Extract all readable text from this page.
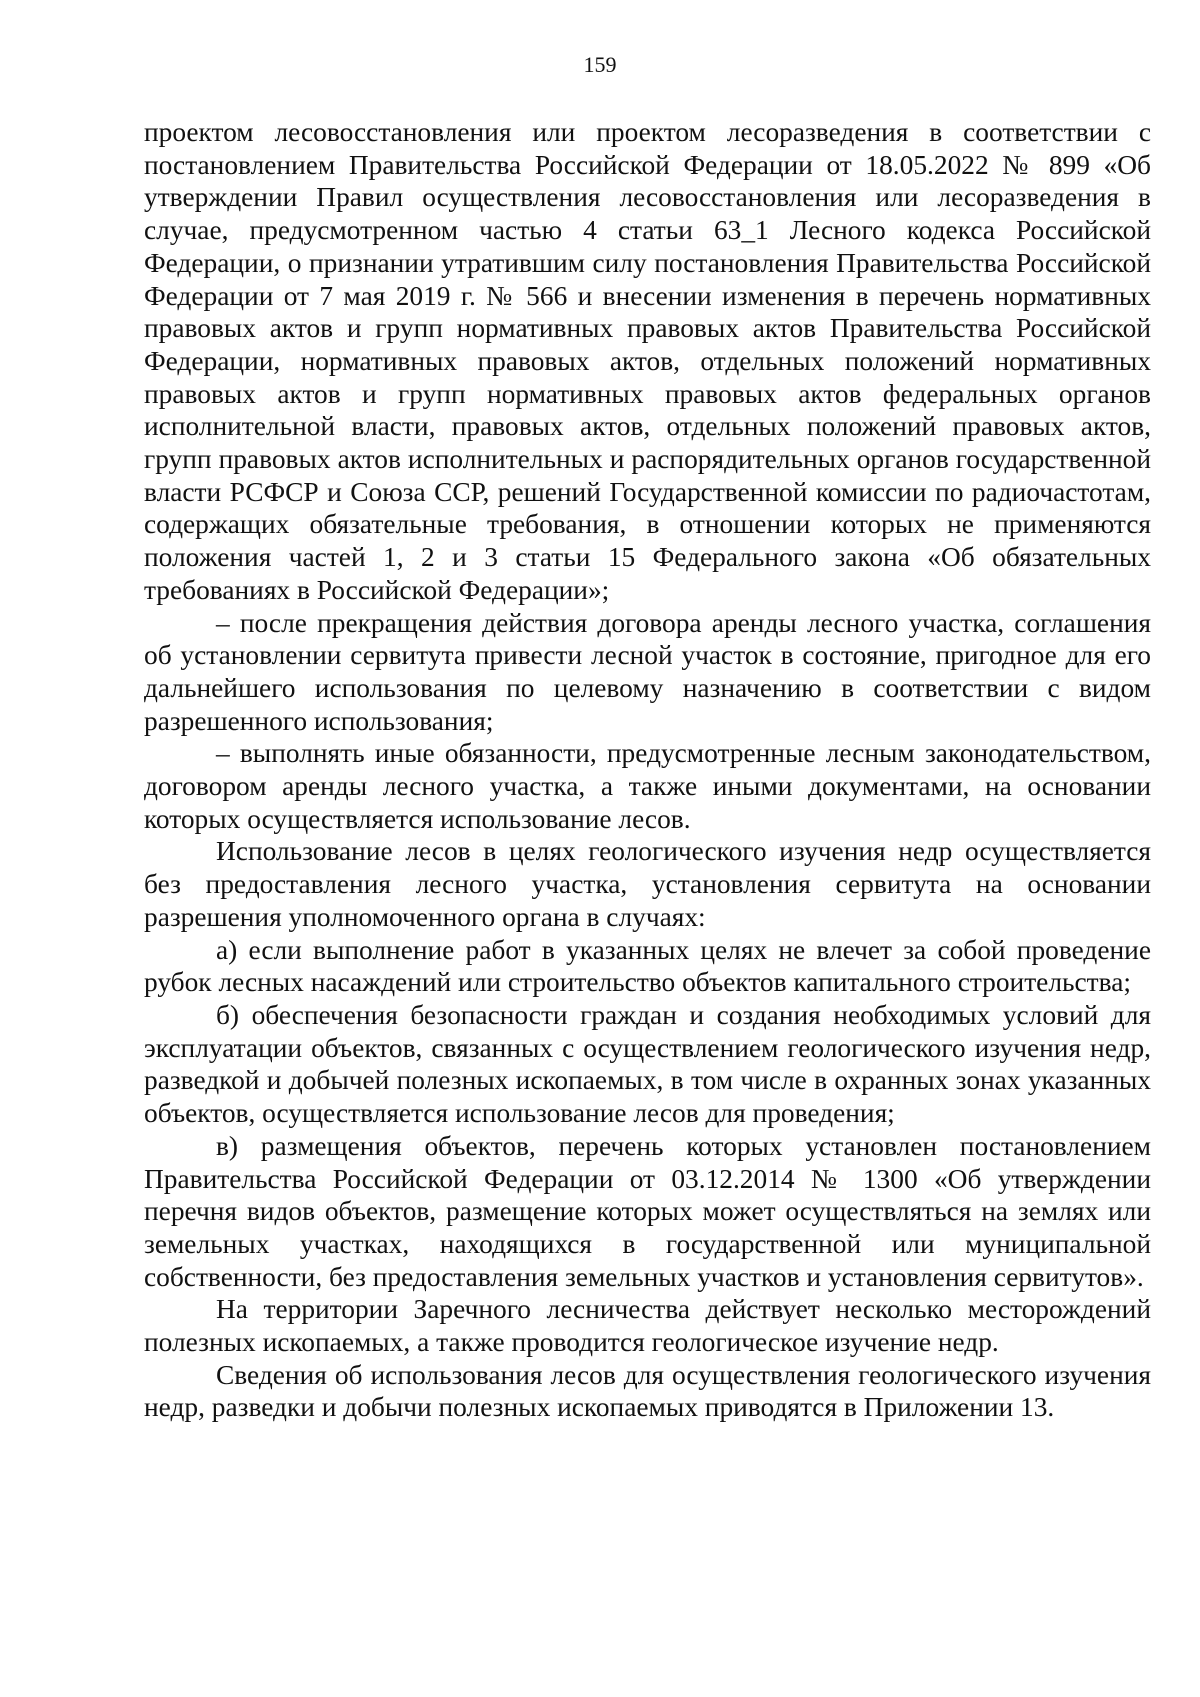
159

проектом лесовосстановления или проектом лесоразведения в соответствии с постановлением Правительства Российской Федерации от 18.05.2022 № 899 «Об утверждении Правил осуществления лесовосстановления или лесоразведения в случае, предусмотренном частью 4 статьи 63_1 Лесного кодекса Российской Федерации, о признании утратившим силу постановления Правительства Российской Федерации от 7 мая 2019 г. № 566 и внесении изменения в перечень нормативных правовых актов и групп нормативных правовых актов Правительства Российской Федерации, нормативных правовых актов, отдельных положений нормативных правовых актов и групп нормативных правовых актов федеральных органов исполнительной власти, правовых актов, отдельных положений правовых актов, групп правовых актов исполнительных и распорядительных органов государственной власти РСФСР и Союза ССР, решений Государственной комиссии по радиочастотам, содержащих обязательные требования, в отношении которых не применяются положения частей 1, 2 и 3 статьи 15 Федерального закона «Об обязательных требованиях в Российской Федерации»;

– после прекращения действия договора аренды лесного участка, соглашения об установлении сервитута привести лесной участок в состояние, пригодное для его дальнейшего использования по целевому назначению в соответствии с видом разрешенного использования;

– выполнять иные обязанности, предусмотренные лесным законодательством, договором аренды лесного участка, а также иными документами, на основании которых осуществляется использование лесов.

Использование лесов в целях геологического изучения недр осуществляется без предоставления лесного участка, установления сервитута на основании разрешения уполномоченного органа в случаях:

а) если выполнение работ в указанных целях не влечет за собой проведение рубок лесных насаждений или строительство объектов капитального строительства;

б) обеспечения безопасности граждан и создания необходимых условий для эксплуатации объектов, связанных с осуществлением геологического изучения недр, разведкой и добычей полезных ископаемых, в том числе в охранных зонах указанных объектов, осуществляется использование лесов для проведения;

в) размещения объектов, перечень которых установлен постановлением Правительства Российской Федерации от 03.12.2014 № 1300 «Об утверждении перечня видов объектов, размещение которых может осуществляться на землях или земельных участках, находящихся в государственной или муниципальной собственности, без предоставления земельных участков и установления сервитутов».

На территории Заречного лесничества действует несколько месторождений полезных ископаемых, а также проводится геологическое изучение недр.

Сведения об использования лесов для осуществления геологического изучения недр, разведки и добычи полезных ископаемых приводятся в Приложении 13.
